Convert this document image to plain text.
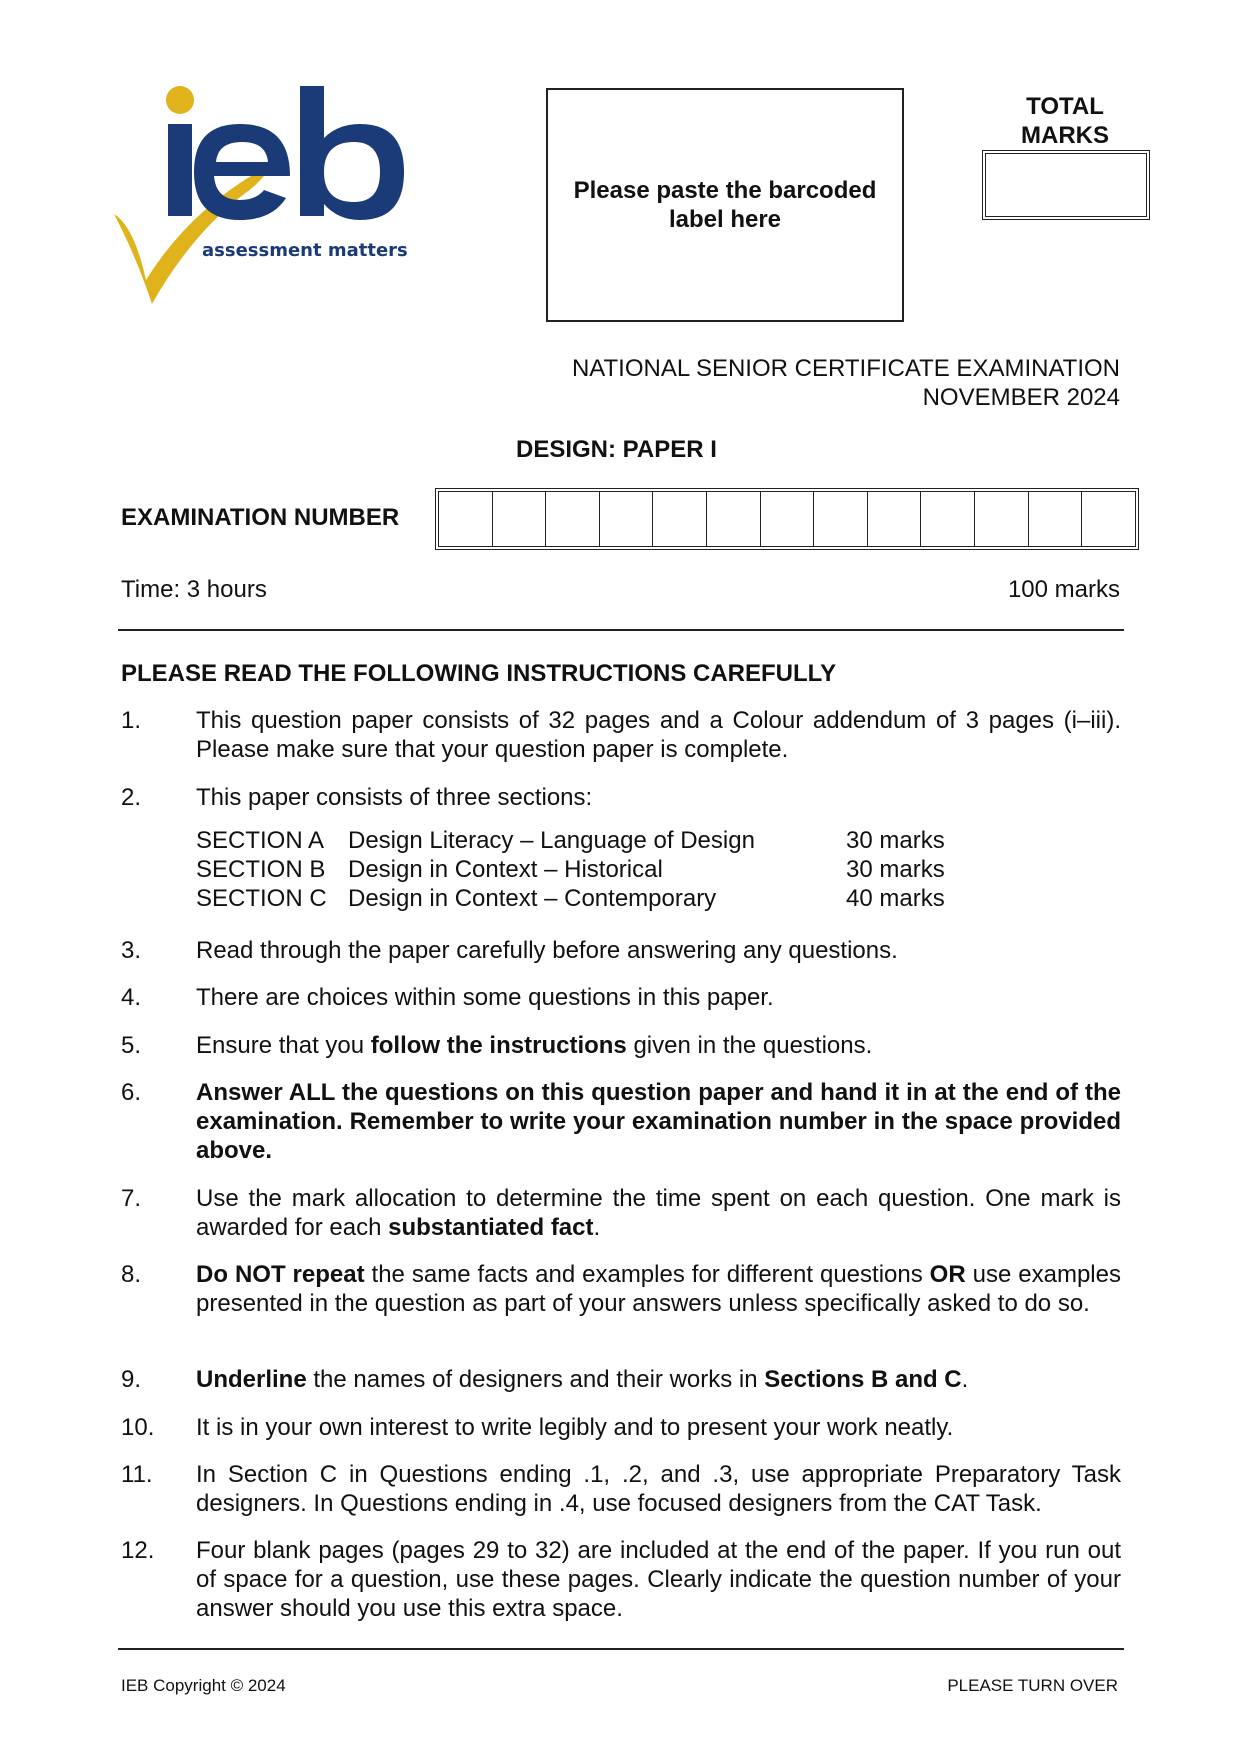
assessment matters
Please paste the barcoded
label here
TOTAL
MARKS
NATIONAL SENIOR CERTIFICATE EXAMINATION
NOVEMBER 2024
DESIGN: PAPER I
EXAMINATION NUMBER
Time: 3 hours	100 marks
PLEASE READ THE FOLLOWING INSTRUCTIONS CAREFULLY
1.	This question paper consists of 32 pages and a Colour addendum of 3 pages (i–iii). Please make sure that your question paper is complete.
2.	This paper consists of three sections:
SECTION A Design Literacy – Language of Design	30 marks
SECTION B Design in Context – Historical	30 marks
SECTION C Design in Context – Contemporary	40 marks
3.	Read through the paper carefully before answering any questions.
4.	There are choices within some questions in this paper.
5.	Ensure that you follow the instructions given in the questions.
6.	Answer ALL the questions on this question paper and hand it in at the end of the examination. Remember to write your examination number in the space provided above.
7.	Use the mark allocation to determine the time spent on each question. One mark is awarded for each substantiated fact.
8.	Do NOT repeat the same facts and examples for different questions OR use examples presented in the question as part of your answers unless specifically asked to do so.
9.	Underline the names of designers and their works in Sections B and C.
10.	It is in your own interest to write legibly and to present your work neatly.
11.	In Section C in Questions ending .1, .2, and .3, use appropriate Preparatory Task designers. In Questions ending in .4, use focused designers from the CAT Task.
12.	Four blank pages (pages 29 to 32) are included at the end of the paper. If you run out of space for a question, use these pages. Clearly indicate the question number of your answer should you use this extra space.
IEB Copyright © 2024	PLEASE TURN OVER
